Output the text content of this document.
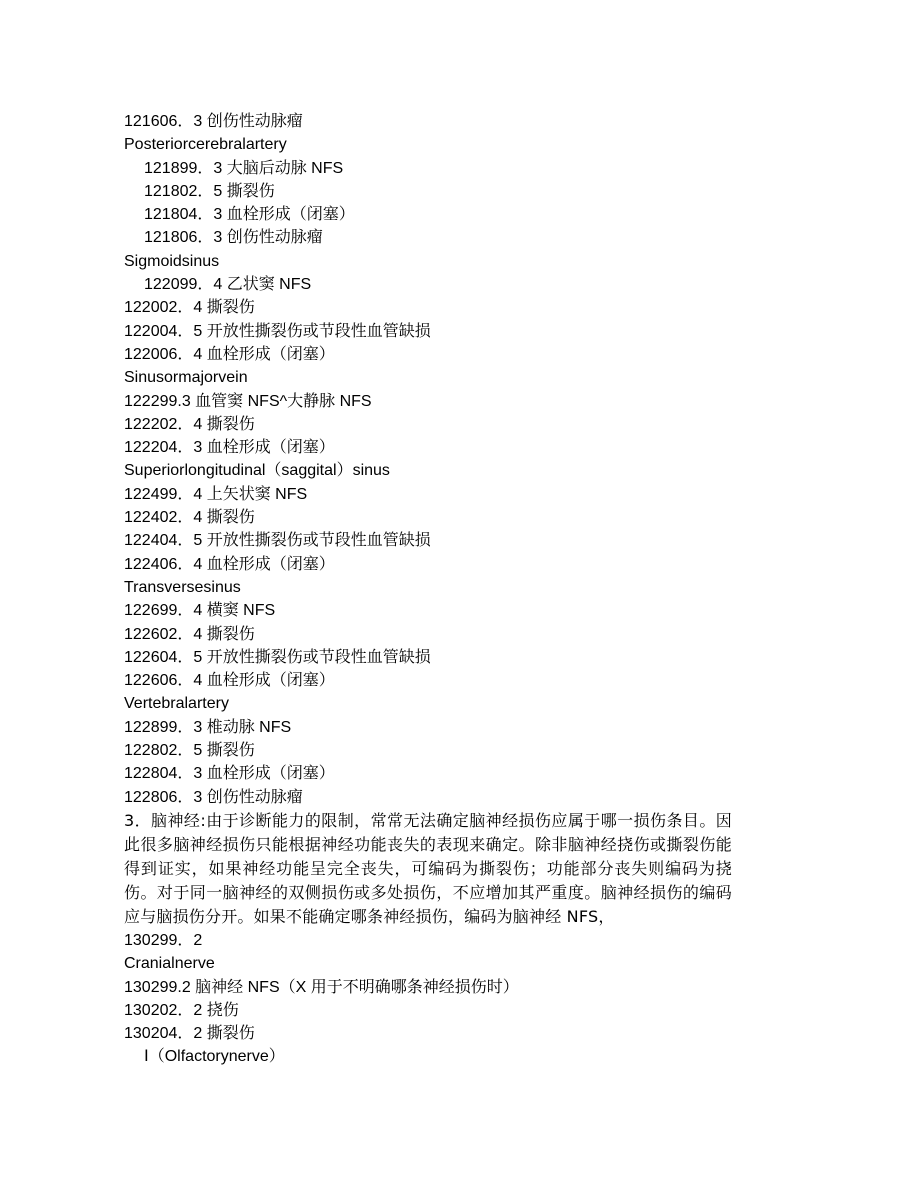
121606．3 创伤性动脉瘤
Posteriorcerebralartery
121899．3 大脑后动脉 NFS
121802．5 撕裂伤
121804．3 血栓形成（闭塞）
121806．3 创伤性动脉瘤
Sigmoidsinus
122099．4 乙状窦 NFS
122002．4 撕裂伤
122004．5 开放性撕裂伤或节段性血管缺损
122006．4 血栓形成（闭塞）
Sinusormajorvein
122299.3 血管窦 NFS^大静脉 NFS
122202．4 撕裂伤
122204．3 血栓形成（闭塞）
Superiorlongitudinal（saggital）sinus
122499．4 上矢状窦 NFS
122402．4 撕裂伤
122404．5 开放性撕裂伤或节段性血管缺损
122406．4 血栓形成（闭塞）
Transversesinus
122699．4 横窦 NFS
122602．4 撕裂伤
122604．5 开放性撕裂伤或节段性血管缺损
122606．4 血栓形成（闭塞）
Vertebralartery
122899．3 椎动脉 NFS
122802．5 撕裂伤
122804．3 血栓形成（闭塞）
122806．3 创伤性动脉瘤
3．脑神经:由于诊断能力的限制，常常无法确定脑神经损伤应属于哪一损伤条目。因此很多脑神经损伤只能根据神经功能丧失的表现来确定。除非脑神经挠伤或撕裂伤能得到证实，如果神经功能呈完全丧失，可编码为撕裂伤；功能部分丧失则编码为挠伤。对于同一脑神经的双侧损伤或多处损伤，不应增加其严重度。脑神经损伤的编码应与脑损伤分开。如果不能确定哪条神经损伤，编码为脑神经 NFS，
130299．2
Cranialnerve
130299.2 脑神经 NFS（X 用于不明确哪条神经损伤时）
130202．2 挠伤
130204．2 撕裂伤
Ⅰ（Olfactorynerve）
